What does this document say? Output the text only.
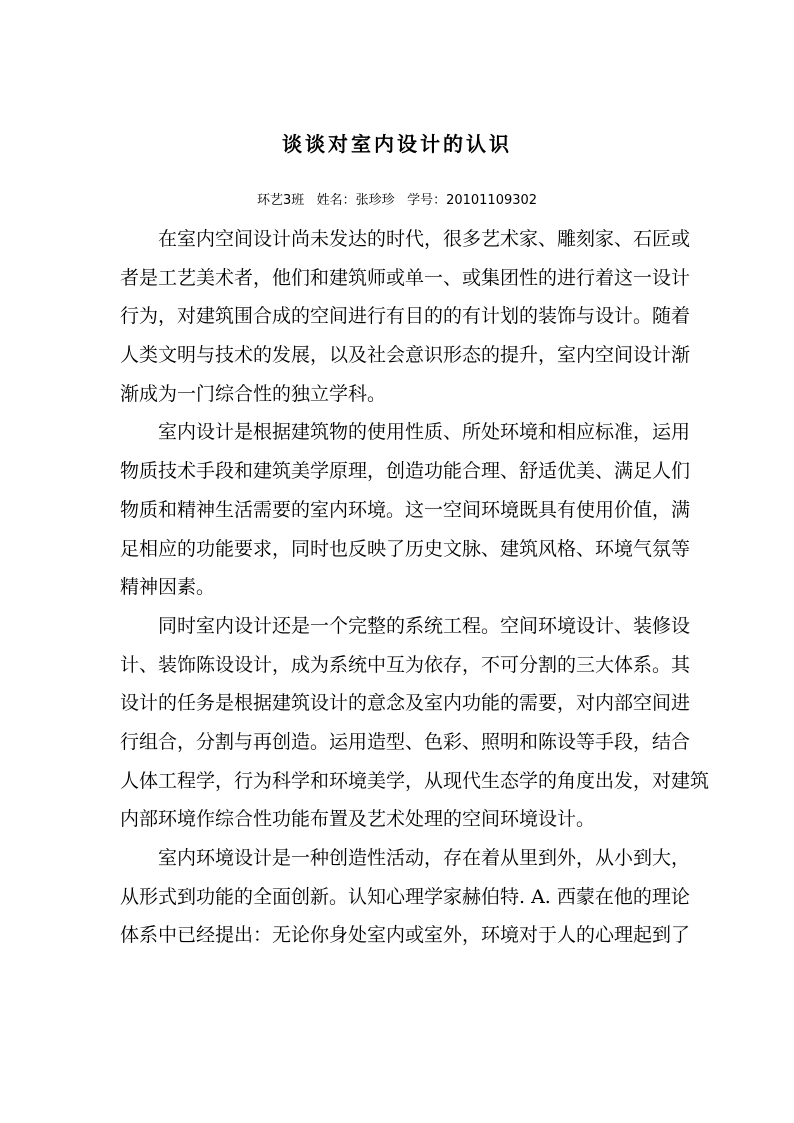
谈谈对室内设计的认识
环艺3班 姓名：张珍珍 学号：20101109302
在室内空间设计尚未发达的时代，很多艺术家、雕刻家、石匠或
者是工艺美术者，他们和建筑师或单一、或集团性的进行着这一设计
行为，对建筑围合成的空间进行有目的的有计划的装饰与设计。随着
人类文明与技术的发展，以及社会意识形态的提升，室内空间设计渐
渐成为一门综合性的独立学科。
室内设计是根据建筑物的使用性质、所处环境和相应标准，运用
物质技术手段和建筑美学原理，创造功能合理、舒适优美、满足人们
物质和精神生活需要的室内环境。这一空间环境既具有使用价值，满
足相应的功能要求，同时也反映了历史文脉、建筑风格、环境气氛等
精神因素。
同时室内设计还是一个完整的系统工程。空间环境设计、装修设
计、装饰陈设设计，成为系统中互为依存，不可分割的三大体系。其
设计的任务是根据建筑设计的意念及室内功能的需要，对内部空间进
行组合，分割与再创造。运用造型、色彩、照明和陈设等手段，结合
人体工程学，行为科学和环境美学，从现代生态学的角度出发，对建筑
内部环境作综合性功能布置及艺术处理的空间环境设计。
室内环境设计是一种创造性活动，存在着从里到外，从小到大，
从形式到功能的全面创新。认知心理学家赫伯特. A. 西蒙在他的理论
体系中已经提出：无论你身处室内或室外，环境对于人的心理起到了
